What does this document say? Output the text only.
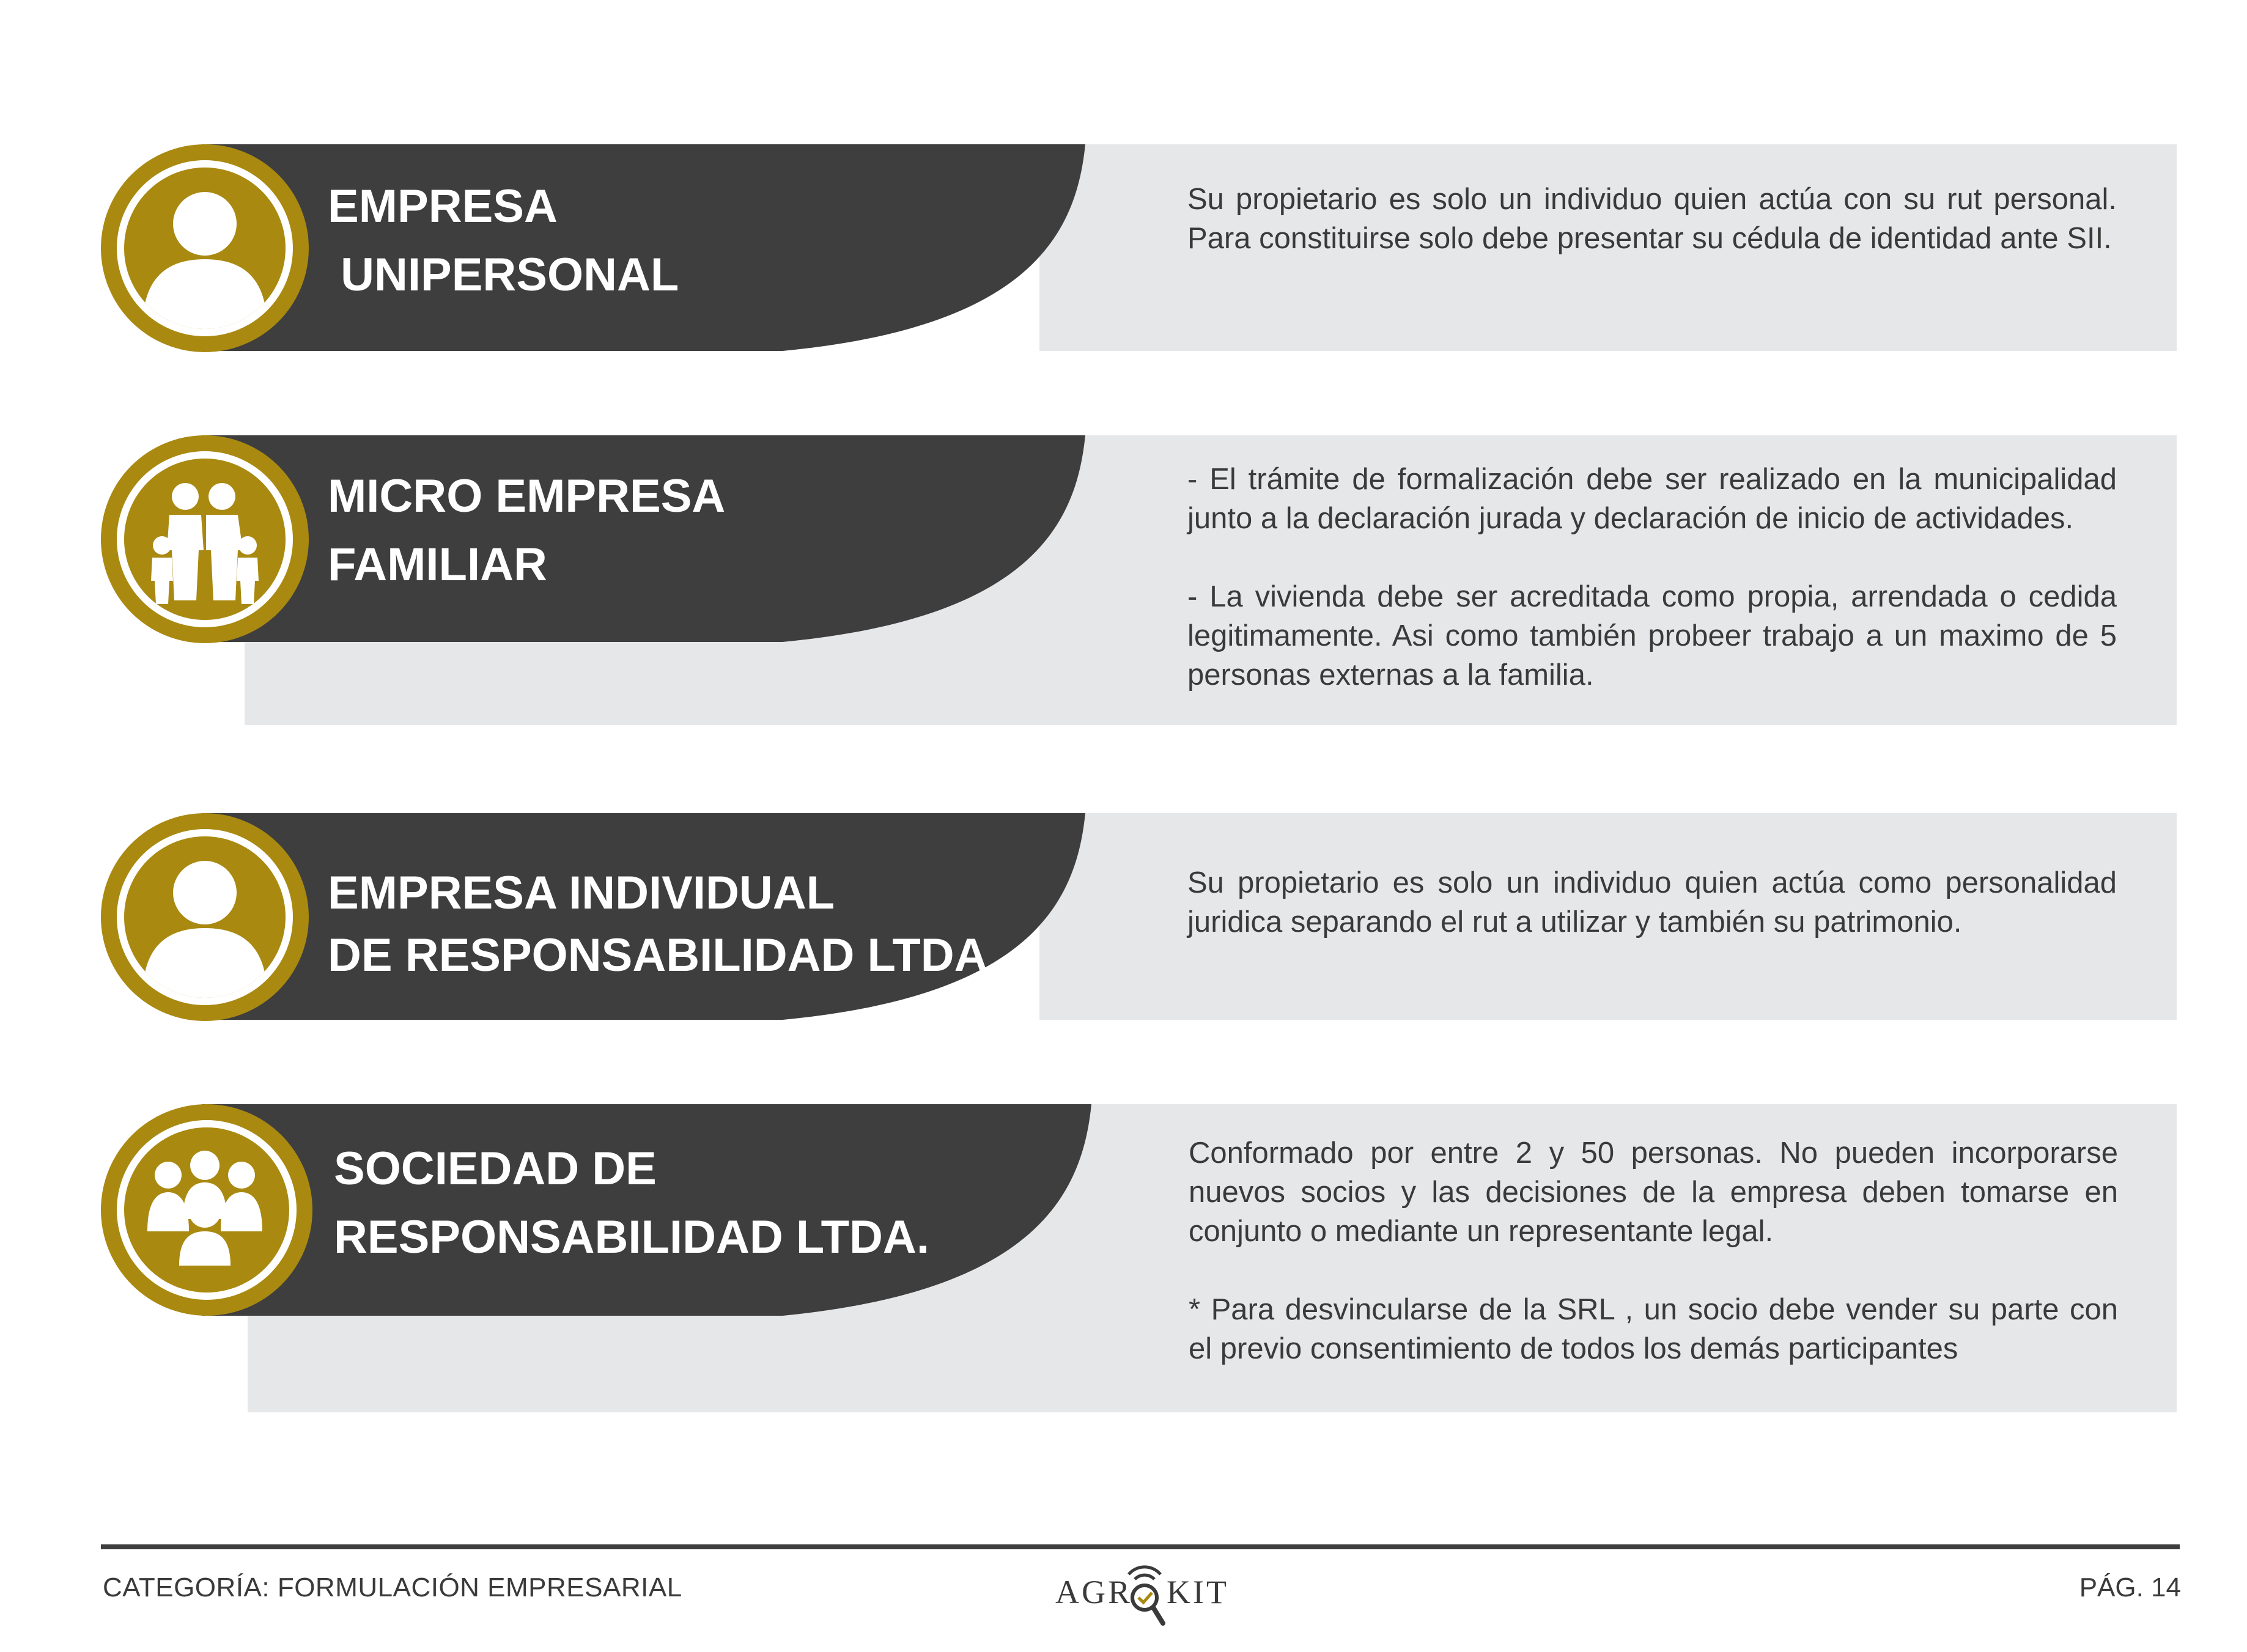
EMPRESA
UNIPERSONAL

Su propietario es solo un individuo quien actúa con su rut personal. Para constituirse solo debe presentar su cédula de identidad ante SII.

MICRO EMPRESA
FAMILIAR

- El trámite de formalización debe ser realizado en la municipalidad junto a la declaración jurada y declaración de inicio de actividades.

- La vivienda debe ser acreditada como propia, arrendada o cedida legitimamente. Asi como también probeer trabajo a un maximo de 5 personas externas a la familia.

EMPRESA INDIVIDUAL
DE RESPONSABILIDAD LTDA.

Su propietario es solo un individuo quien actúa como personalidad juridica separando el rut a utilizar y también su patrimonio.

SOCIEDAD DE
RESPONSABILIDAD LTDA.

Conformado por entre 2 y 50 personas. No pueden incorporarse nuevos socios y las decisiones de la empresa deben tomarse en conjunto o mediante un representante legal.

* Para desvincularse de la SRL , un socio debe vender su parte con el previo consentimiento de todos los demás participantes

CATEGORÍA: FORMULACIÓN EMPRESARIAL	AGR KIT	PÁG. 14
